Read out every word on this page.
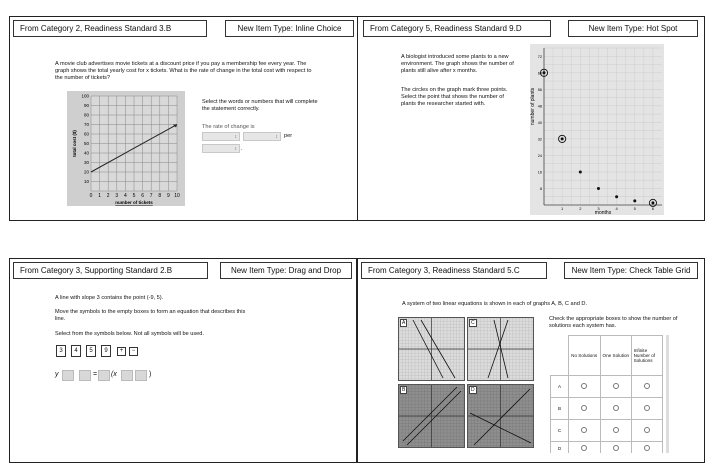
From Category 2, Readiness Standard 3.B	New Item Type: Inline Choice
A movie club advertises movie tickets at a discount price if you pay a membership fee every year. The graph shows the total yearly cost for x tickets. What is the rate of change in the total cost with respect to the number of tickets?
100
90
80
70
60
50
40
30
20
10
0 1 2 3 4 5 6 7 8 9 10
number of tickets
total cost ($)
Select the words or numbers that will complete the statement correctly.
The rate of change is
↕	↕	per
↕ .
From Category 5, Readiness Standard 9.D	New Item Type: Hot Spot
A biologist introduced some plants to a new environment. The graph shows the number of plants still alive after x months.
The circles on the graph mark three points. Select the point that shows the number of plants the researcher started with.
72
64
56
48
40
32
24
16
8
1	2	3	4	5	6
months
number of plants
From Category 3, Supporting Standard 2.B	New Item Type: Drag and Drop
A line with slope 3 contains the point (-9, 5).
Move the symbols to the empty boxes to form an equation that describes this line.
Select from the symbols below. Not all symbols will be used.
3	4	5	9	+	−
y	= (x	)
From Category 3, Readiness Standard 5.C	New Item Type: Check Table Grid
A system of two linear equations is shown in each of graphs A, B, C and D.
A	C
B	D
Check the appropriate boxes to show the number of solutions each system has.
	No Solutions	One Solution	Infinite Number of Solutions
A			
B			
C			
D			
